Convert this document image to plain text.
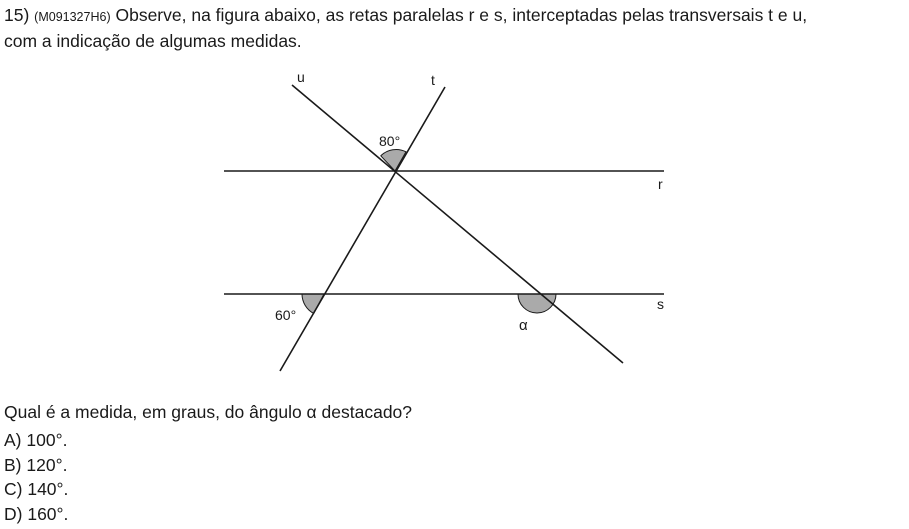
15) (M091327H6) Observe, na figura abaixo, as retas paralelas r e s, interceptadas pelas transversais t e u,
com a indicação de algumas medidas.
u	t
r
s
80°
60°
α
Qual é a medida, em graus, do ângulo α destacado?
A) 100°.
B) 120°.
C) 140°.
D) 160°.
